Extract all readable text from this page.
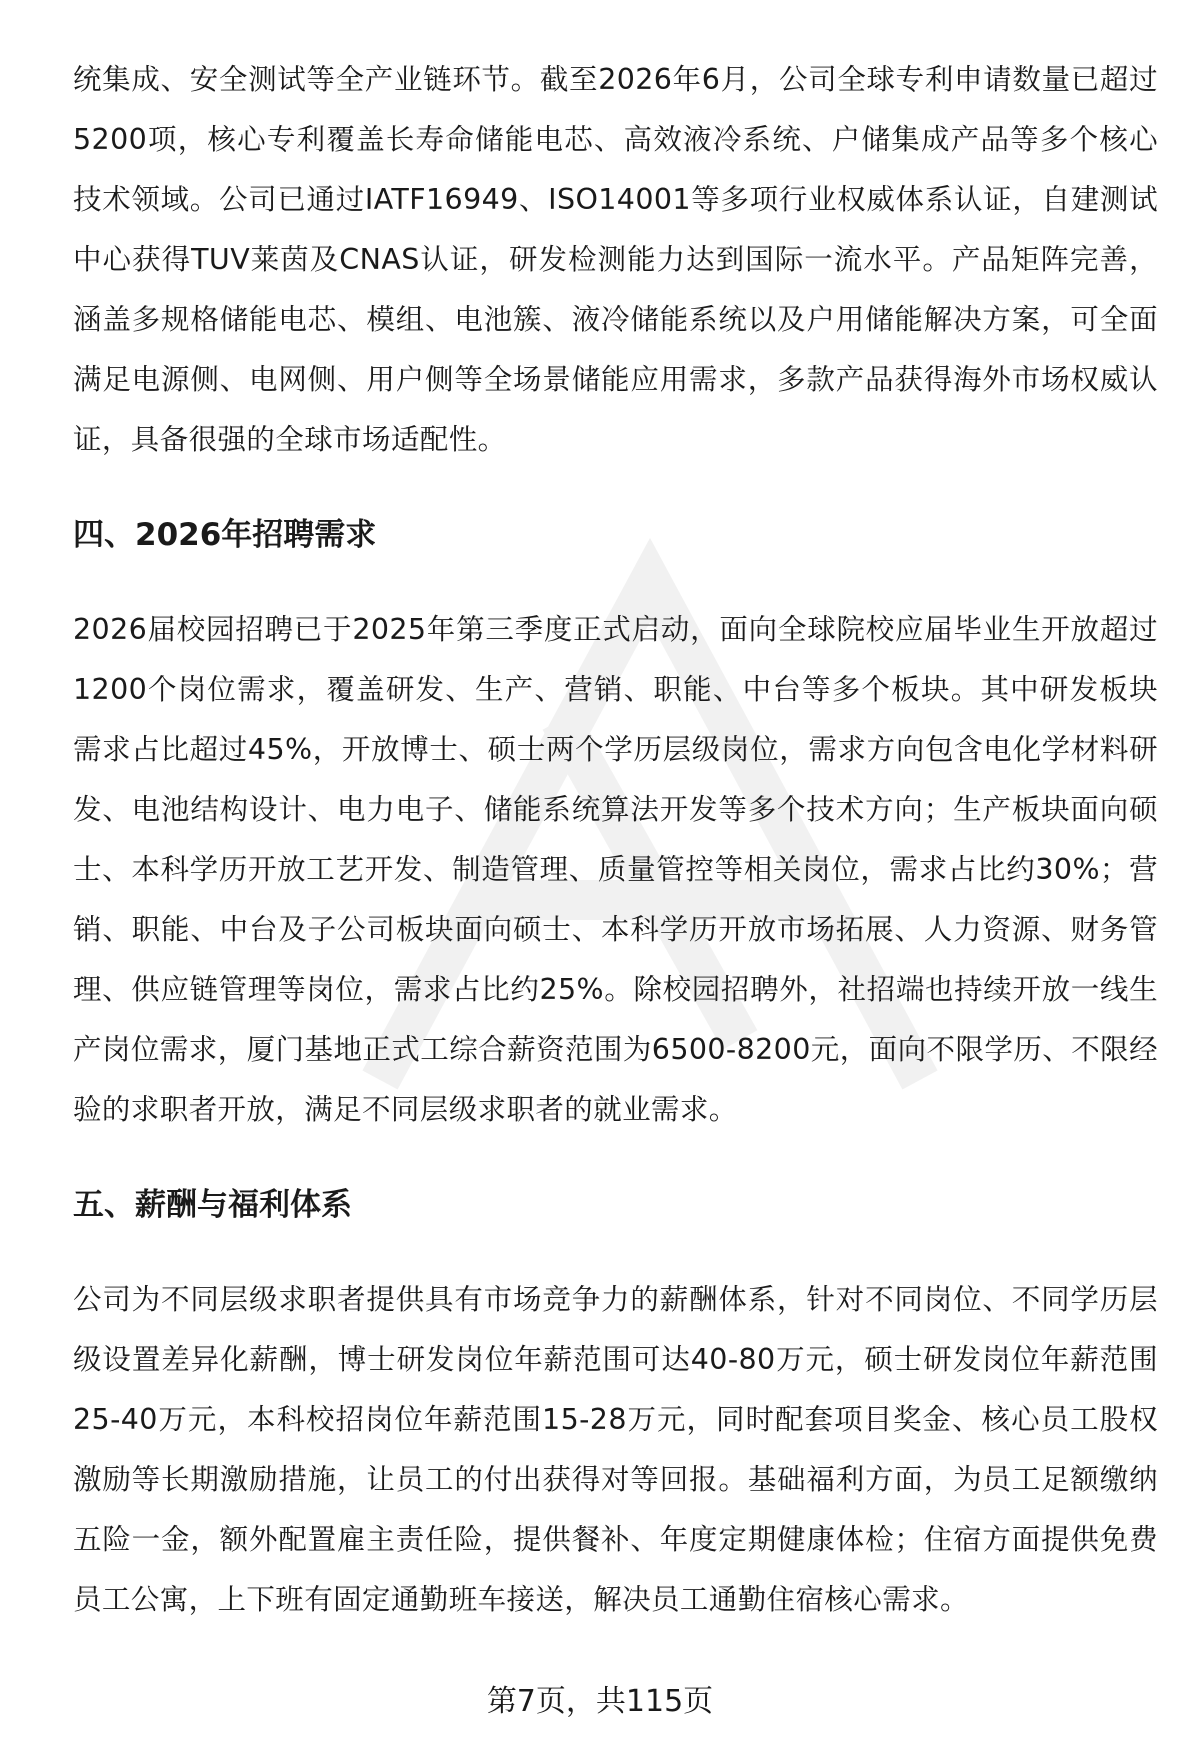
统集成、安全测试等全产业链环节。截至2026年6月，公司全球专利申请数量已超过5200项，核心专利覆盖长寿命储能电芯、高效液冷系统、户储集成产品等多个核心技术领域。公司已通过IATF16949、ISO14001等多项行业权威体系认证，自建测试中心获得TUV莱茵及CNAS认证，研发检测能力达到国际一流水平。产品矩阵完善，涵盖多规格储能电芯、模组、电池簇、液冷储能系统以及户用储能解决方案，可全面满足电源侧、电网侧、用户侧等全场景储能应用需求，多款产品获得海外市场权威认证，具备很强的全球市场适配性。

四、2026年招聘需求

2026届校园招聘已于2025年第三季度正式启动，面向全球院校应届毕业生开放超过1200个岗位需求，覆盖研发、生产、营销、职能、中台等多个板块。其中研发板块需求占比超过45%，开放博士、硕士两个学历层级岗位，需求方向包含电化学材料研发、电池结构设计、电力电子、储能系统算法开发等多个技术方向；生产板块面向硕士、本科学历开放工艺开发、制造管理、质量管控等相关岗位，需求占比约30%；营销、职能、中台及子公司板块面向硕士、本科学历开放市场拓展、人力资源、财务管理、供应链管理等岗位，需求占比约25%。除校园招聘外，社招端也持续开放一线生产岗位需求，厦门基地正式工综合薪资范围为6500-8200元，面向不限学历、不限经验的求职者开放，满足不同层级求职者的就业需求。

五、薪酬与福利体系

公司为不同层级求职者提供具有市场竞争力的薪酬体系，针对不同岗位、不同学历层级设置差异化薪酬，博士研发岗位年薪范围可达40-80万元，硕士研发岗位年薪范围25-40万元，本科校招岗位年薪范围15-28万元，同时配套项目奖金、核心员工股权激励等长期激励措施，让员工的付出获得对等回报。基础福利方面，为员工足额缴纳五险一金，额外配置雇主责任险，提供餐补、年度定期健康体检；住宿方面提供免费员工公寓，上下班有固定通勤班车接送，解决员工通勤住宿核心需求。

第7页，共115页
